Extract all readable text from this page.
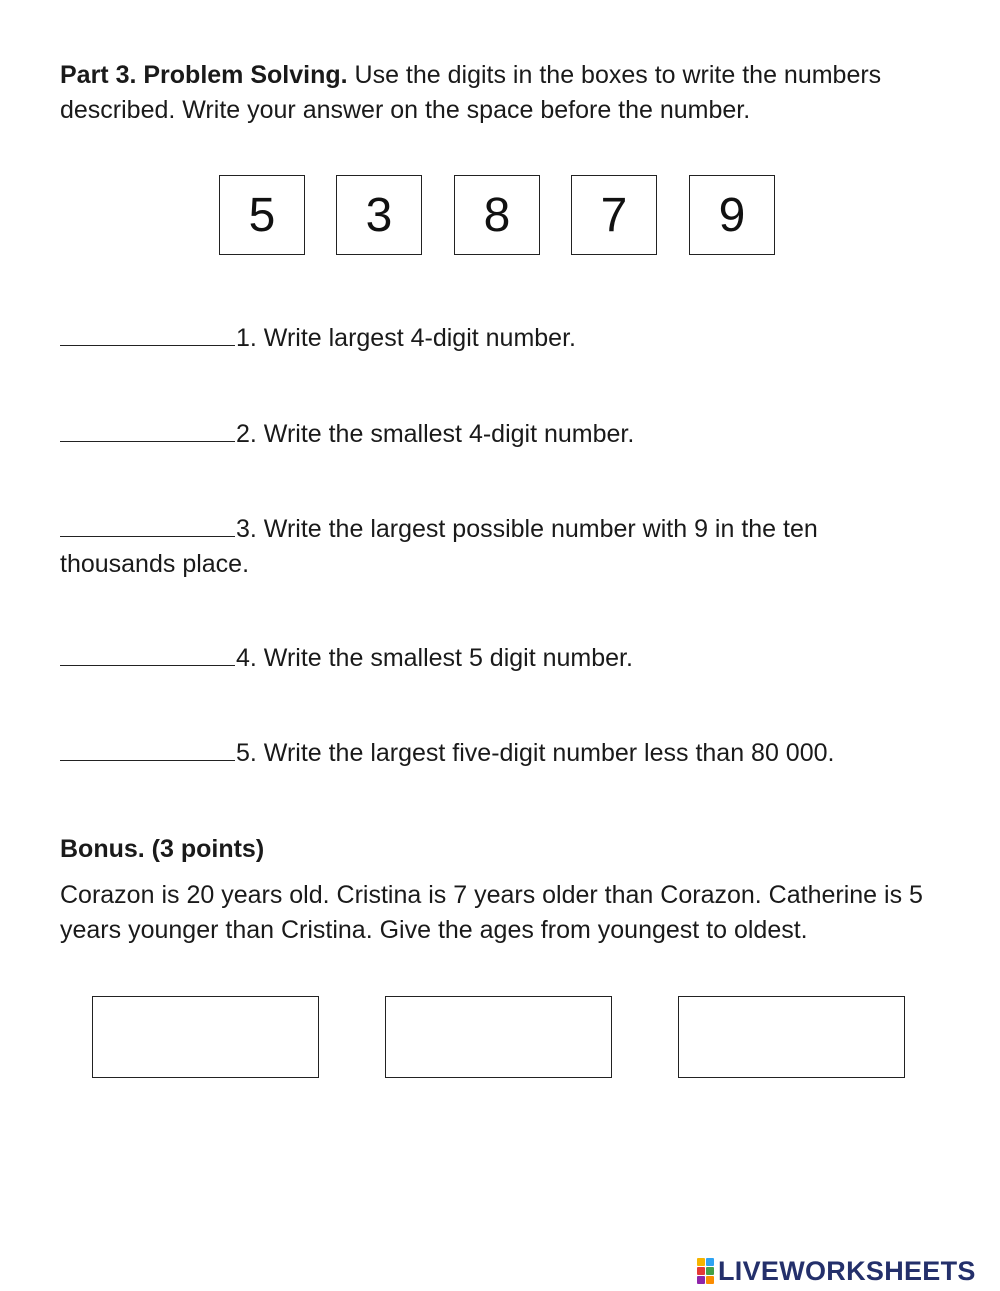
Part 3. Problem Solving. Use the digits in the boxes to write the numbers described. Write your answer on the space before the number.

5	3	8	7	9

1. Write largest 4-digit number.

2. Write the smallest 4-digit number.

3. Write the largest possible number with 9 in the ten thousands place.

4. Write the smallest 5 digit number.

5. Write the largest five-digit number less than 80 000.

Bonus. (3 points)

Corazon is 20 years old. Cristina is 7 years older than Corazon. Catherine is 5 years younger than Cristina. Give the ages from youngest to oldest.

LIVEWORKSHEETS
